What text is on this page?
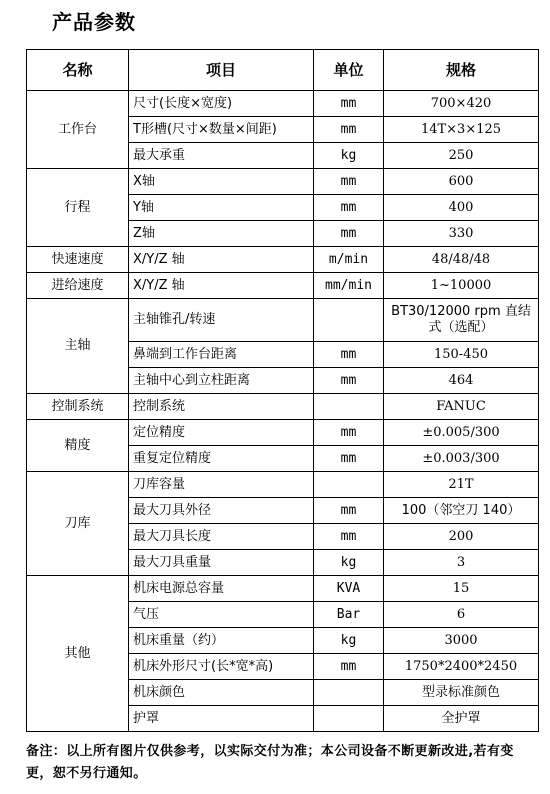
产品参数
名称	项目	单位	规格
工作台	尺寸(长度×宽度)	mm	700×420
	T形槽(尺寸×数量×间距)	mm	14T×3×125
	最大承重	kg	250
行程	X轴	mm	600
	Y轴	mm	400
	Z轴	mm	330
快速速度	X/Y/Z 轴	m/min	48/48/48
进给速度	X/Y/Z 轴	mm/min	1~10000
主轴	主轴锥孔/转速		BT30/12000 rpm 直结式（选配）
	鼻端到工作台距离	mm	150-450
	主轴中心到立柱距离	mm	464
控制系统	控制系统		FANUC
精度	定位精度	mm	±0.005/300
	重复定位精度	mm	±0.003/300
刀库	刀库容量		21T
	最大刀具外径	mm	100（邻空刀 140）
	最大刀具长度	mm	200
	最大刀具重量	kg	3
其他	机床电源总容量	KVA	15
	气压	Bar	6
	机床重量（约）	kg	3000
	机床外形尺寸(长*宽*高)	mm	1750*2400*2450
	机床颜色		型录标准颜色
	护罩		全护罩
备注：以上所有图片仅供参考，以实际交付为准；本公司设备不断更新改进,若有变更，恕不另行通知。
